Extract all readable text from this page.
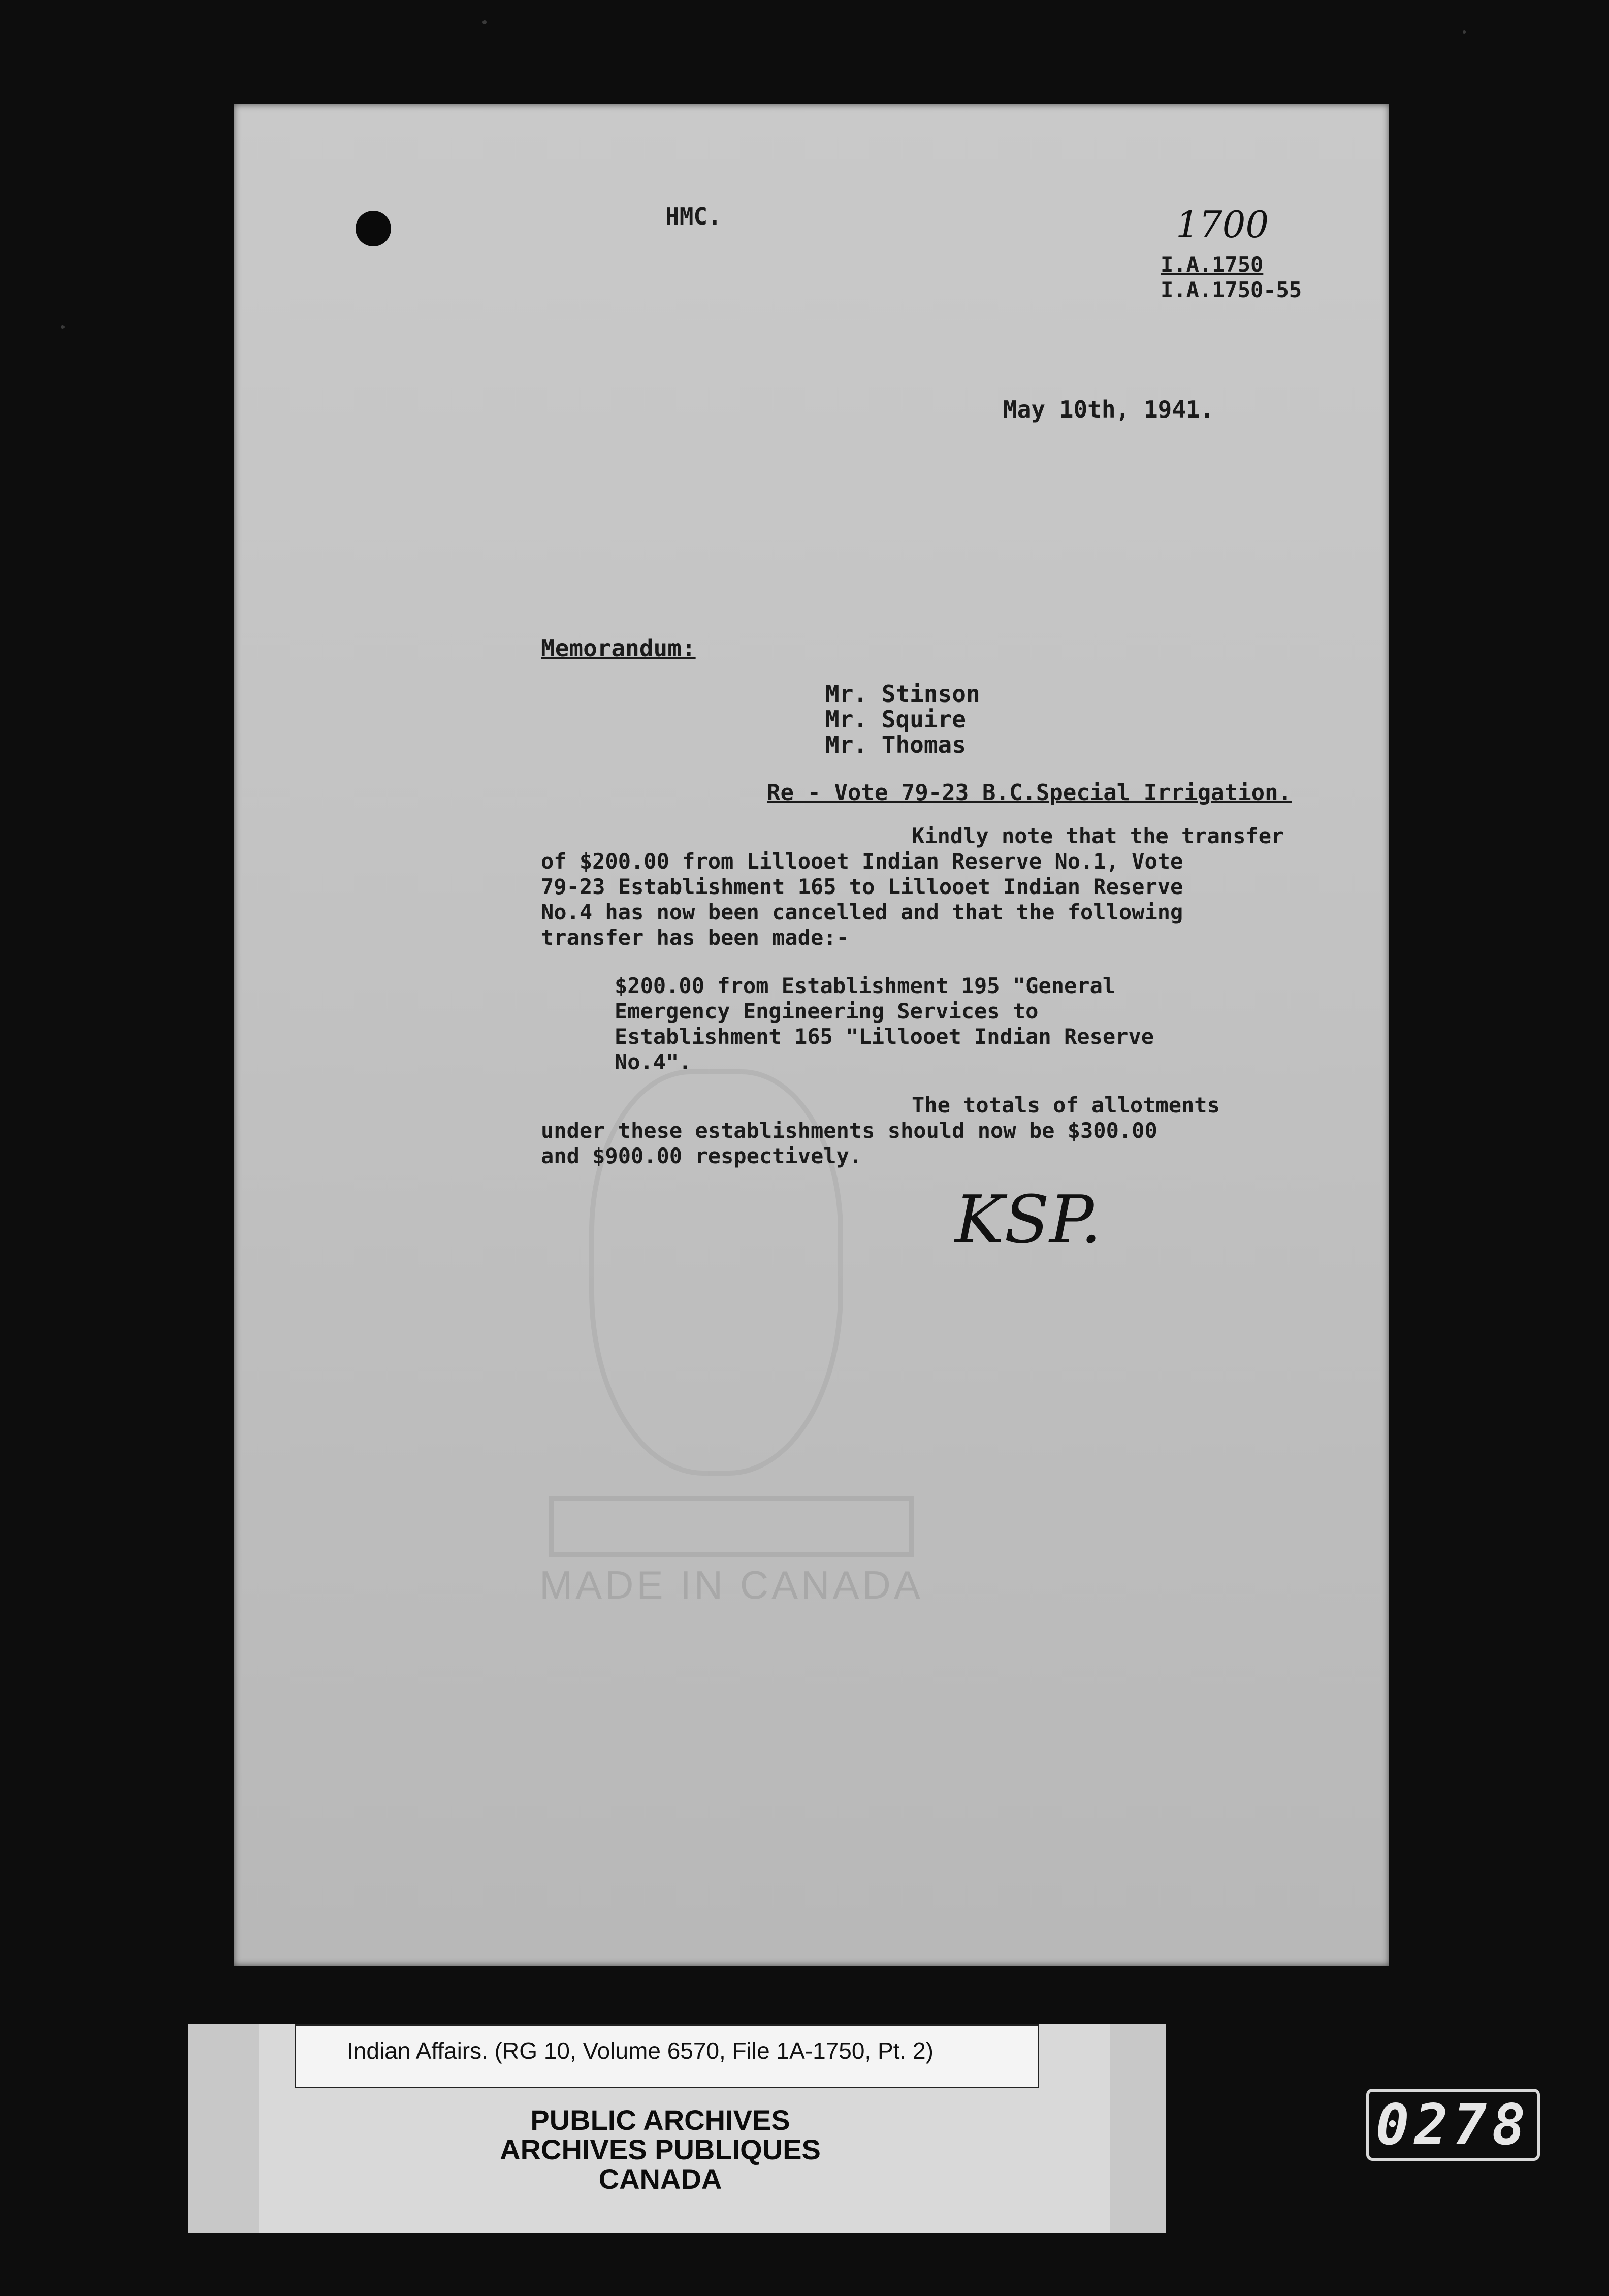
MADE IN CANADA
HMC.	1700
I.A.1750
I.A.1750-55
May 10th, 1941.
Memorandum:
Mr. Stinson
Mr. Squire
Mr. Thomas
Re - Vote 79-23 B.C.Special Irrigation.
Kindly note that the transfer
of $200.00 from Lillooet Indian Reserve No.1, Vote
79-23 Establishment 165 to Lillooet Indian Reserve
No.4 has now been cancelled and that the following
transfer has been made:-
$200.00 from Establishment 195 "General
Emergency Engineering Services to
Establishment 165 "Lillooet Indian Reserve
No.4".
The totals of allotments
under these establishments should now be $300.00
and $900.00 respectively.
KSP.
Indian Affairs. (RG 10, Volume 6570, File 1A-1750, Pt. 2)
PUBLIC ARCHIVES
ARCHIVES PUBLIQUES
CANADA
0278
